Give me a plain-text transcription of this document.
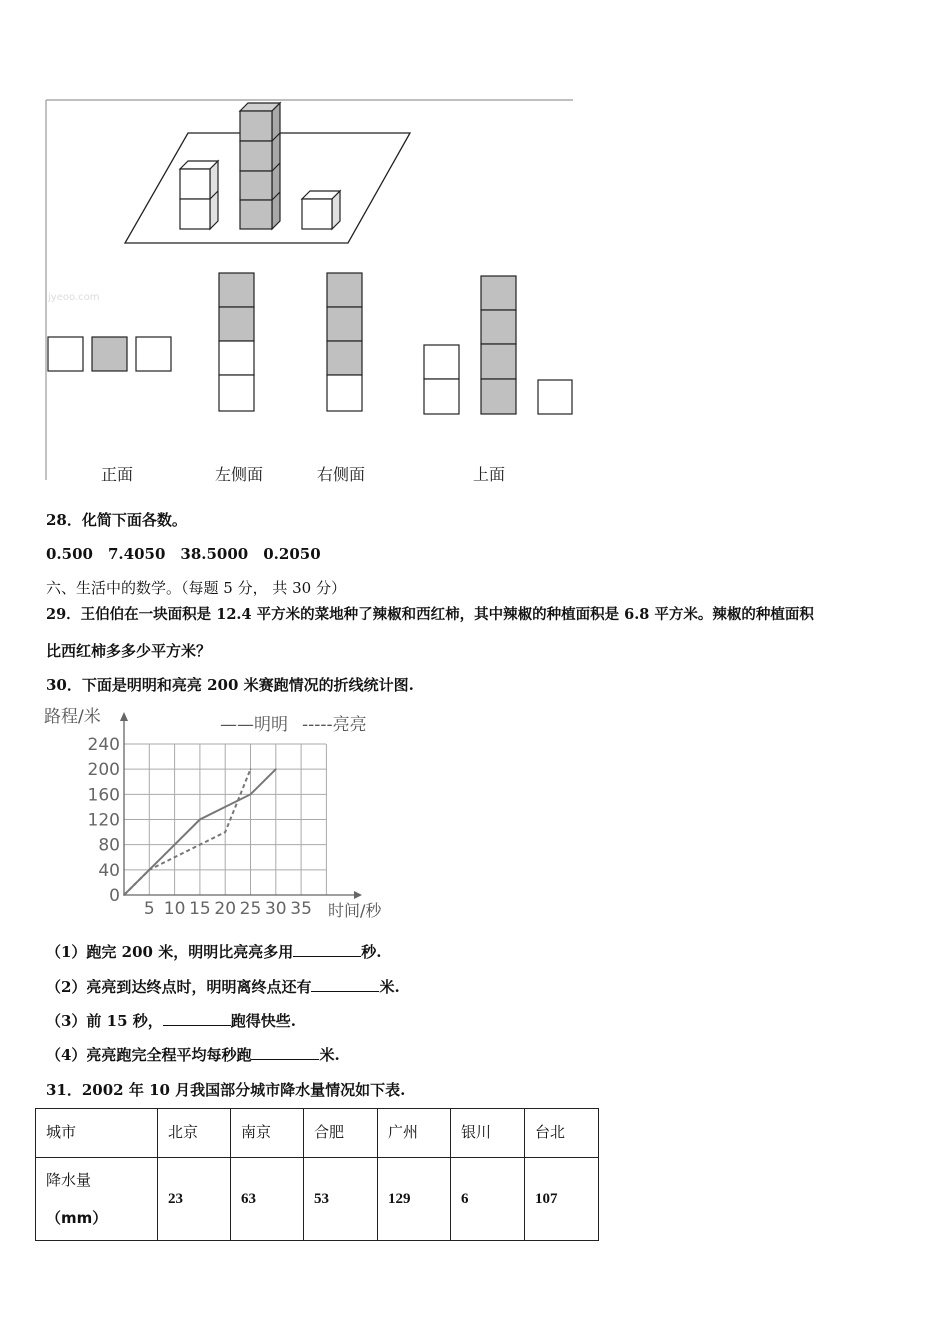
jyeoo.com
正面	左侧面	右侧面	上面
28．化简下面各数。
0.500　7.4050　38.5000　0.2050
六、生活中的数学。（每题 5 分， 共 30 分）
29．王伯伯在一块面积是 12.4 平方米的菜地种了辣椒和西红柿，其中辣椒的种植面积是 6.8 平方米。辣椒的种植面积
比西红柿多多少平方米？
30．下面是明明和亮亮 200 米赛跑情况的折线统计图.
0
40
80
120
160
200
240
5 10 15 20 25 30 35
路程/米
时间/秒
——明明 -----亮亮
（1）跑完 200 米，明明比亮亮多用	秒.
（2）亮亮到达终点时，明明离终点还有	米.
（3）前 15 秒，	跑得快些.
（4）亮亮跑完全程平均每秒跑	米.
31．2002 年 10 月我国部分城市降水量情况如下表.
城市	北京	南京	合肥	广州	银川	台北

降水量
（mm）	23	63	53	129	6	107
